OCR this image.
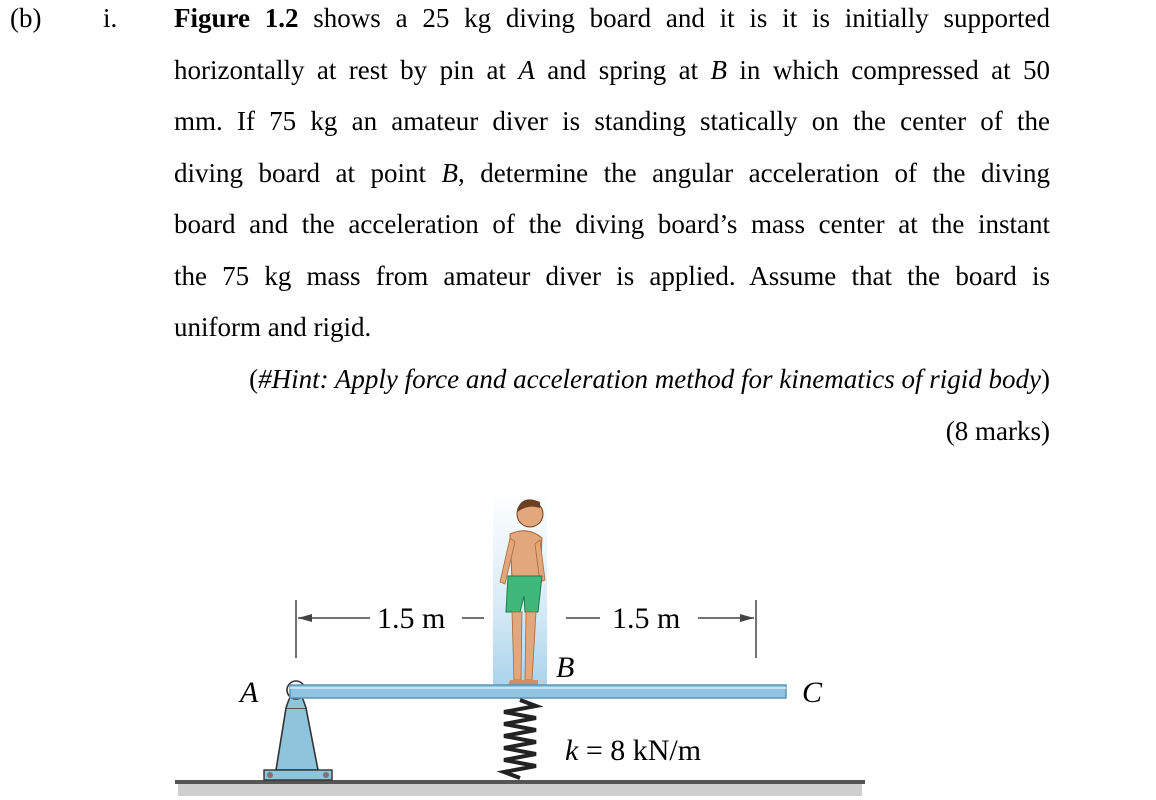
(b) i. Figure 1.2 shows a 25 kg diving board and it is it is initially supported
horizontally at rest by pin at A and spring at B in which compressed at 50
mm. If 75 kg an amateur diver is standing statically on the center of the
diving board at point B, determine the angular acceleration of the diving
board and the acceleration of the diving board’s mass center at the instant
the 75 kg mass from amateur diver is applied. Assume that the board is
uniform and rigid.
(#Hint: Apply force and acceleration method for kinematics of rigid body)
(8 marks)
1.5 m	1.5 m
A
B
C
k = 8 kN/m
